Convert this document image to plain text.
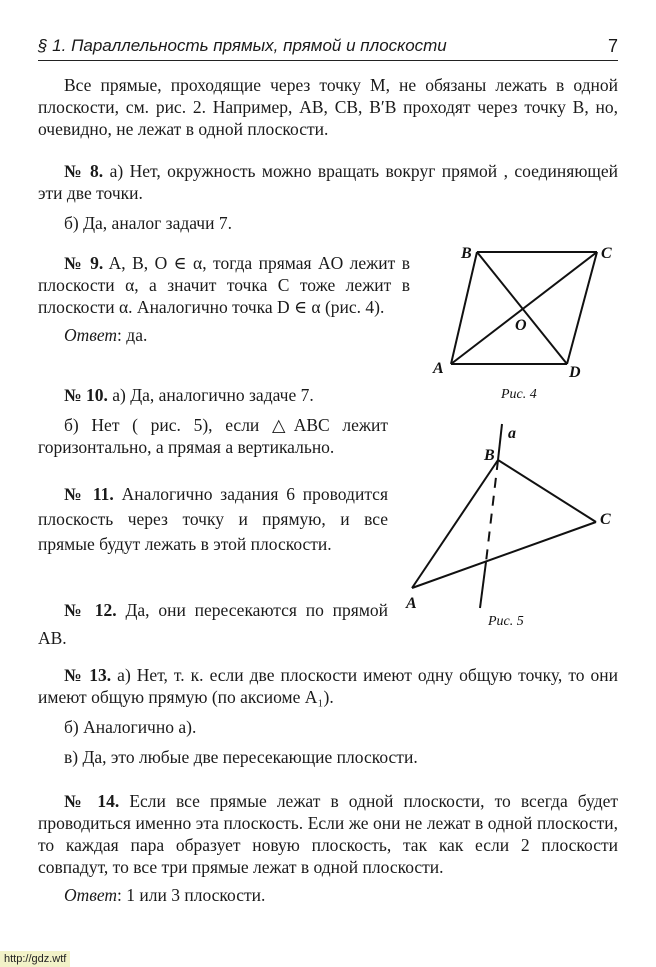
§ 1. Параллельность прямых, прямой и плоскости	7

Все прямые, проходящие через точку M, не обязаны лежать в одной плоскости, см. рис. 2. Например, AB, CB, B′B проходят через точку B, но, очевидно, не лежат в одной плоскости.

№ 8. а) Нет, окружность можно вращать вокруг прямой , соединяющей эти две точки.

б) Да, аналог задачи 7.

№ 9. A, B, O ∈ α, тогда прямая AO лежит в плоскости α, а значит точка C тоже лежит в плоскости α. Аналогично точка D ∈ α (рис. 4).

Ответ: да.

B	C
A	D
O
Рис. 4

№ 10. а) Да, аналогично задаче 7.

б) Нет ( рис. 5), если △ABC лежит горизонтально, а прямая a вертикально.

№ 11. Аналогично задания 6 проводится плоскость через точку и прямую, и все прямые будут лежать в этой плоскости.

№ 12. Да, они пересекаются по прямой AB.

a
B
C
A
Рис. 5

№ 13. а) Нет, т. к. если две плоскости имеют одну общую точку, то они имеют общую прямую (по аксиоме A₁).

б) Аналогично а).

в) Да, это любые две пересекающие плоскости.

№ 14. Если все прямые лежат в одной плоскости, то всегда будет проводиться именно эта плоскость. Если же они не лежат в одной плоскости, то каждая пара образует новую плоскость, так как если 2 плоскости совпадут, то все три прямые лежат в одной плоскости.

Ответ: 1 или 3 плоскости.

http://gdz.wtf
